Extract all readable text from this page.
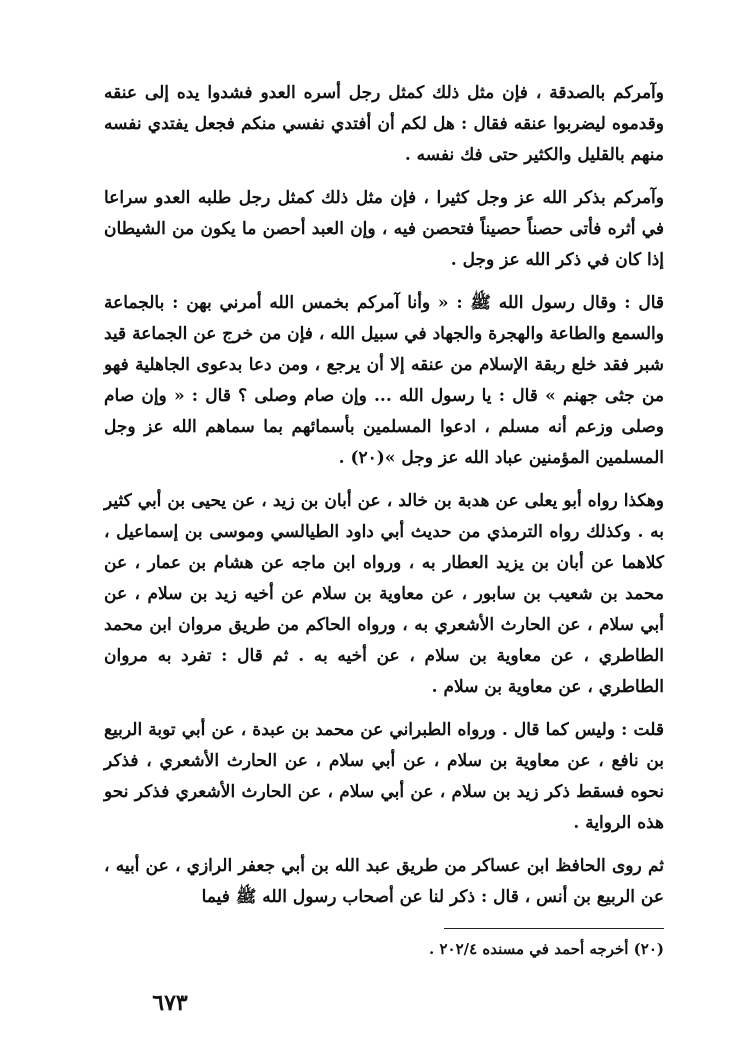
وآمركم بالصدقة ، فإن مثل ذلك كمثل رجل أسره العدو فشدوا يده إلى عنقه وقدموه ليضربوا عنقه فقال : هل لكم أن أفتدي نفسي منكم فجعل يفتدي نفسه منهم بالقليل والكثير حتى فك نفسه .

وآمركم بذكر الله عز وجل كثيرا ، فإن مثل ذلك كمثل رجل طلبه العدو سراعا في أثره فأتى حصناً حصيناً فتحصن فيه ، وإن العبد أحصن ما يكون من الشيطان إذا كان في ذكر الله عز وجل .

قال : وقال رسول الله ﷺ : « وأنا آمركم بخمس الله أمرني بهن : بالجماعة والسمع والطاعة والهجرة والجهاد في سبيل الله ، فإن من خرج عن الجماعة قيد شبر فقد خلع ربقة الإسلام من عنقه إلا أن يرجع ، ومن دعا بدعوى الجاهلية فهو من جثى جهنم » قال : يا رسول الله ... وإن صام وصلى ؟ قال : « وإن صام وصلى وزعم أنه مسلم ، ادعوا المسلمين بأسمائهم بما سماهم الله عز وجل المسلمين المؤمنين عباد الله عز وجل »(٢٠) .

وهكذا رواه أبو يعلى عن هدبة بن خالد ، عن أبان بن زيد ، عن يحيى بن أبي كثير به . وكذلك رواه الترمذي من حديث أبي داود الطيالسي وموسى بن إسماعيل ، كلاهما عن أبان بن يزيد العطار به ، ورواه ابن ماجه عن هشام بن عمار ، عن محمد بن شعيب بن سابور ، عن معاوية بن سلام عن أخيه زيد بن سلام ، عن أبي سلام ، عن الحارث الأشعري به ، ورواه الحاكم من طريق مروان ابن محمد الطاطري ، عن معاوية بن سلام ، عن أخيه به . ثم قال : تفرد به مروان الطاطري ، عن معاوية بن سلام .

قلت : وليس كما قال . ورواه الطبراني عن محمد بن عبدة ، عن أبي توبة الربيع بن نافع ، عن معاوية بن سلام ، عن أبي سلام ، عن الحارث الأشعري ، فذكر نحوه فسقط ذكر زيد بن سلام ، عن أبي سلام ، عن الحارث الأشعري فذكر نحو هذه الرواية .

ثم روى الحافظ ابن عساكر من طريق عبد الله بن أبي جعفر الرازي ، عن أبيه ، عن الربيع بن أنس ، قال : ذكر لنا عن أصحاب رسول الله ﷺ فيما

(٢٠) أخرجه أحمد في مسنده ٢٠٢/٤ .
٦٧٣
